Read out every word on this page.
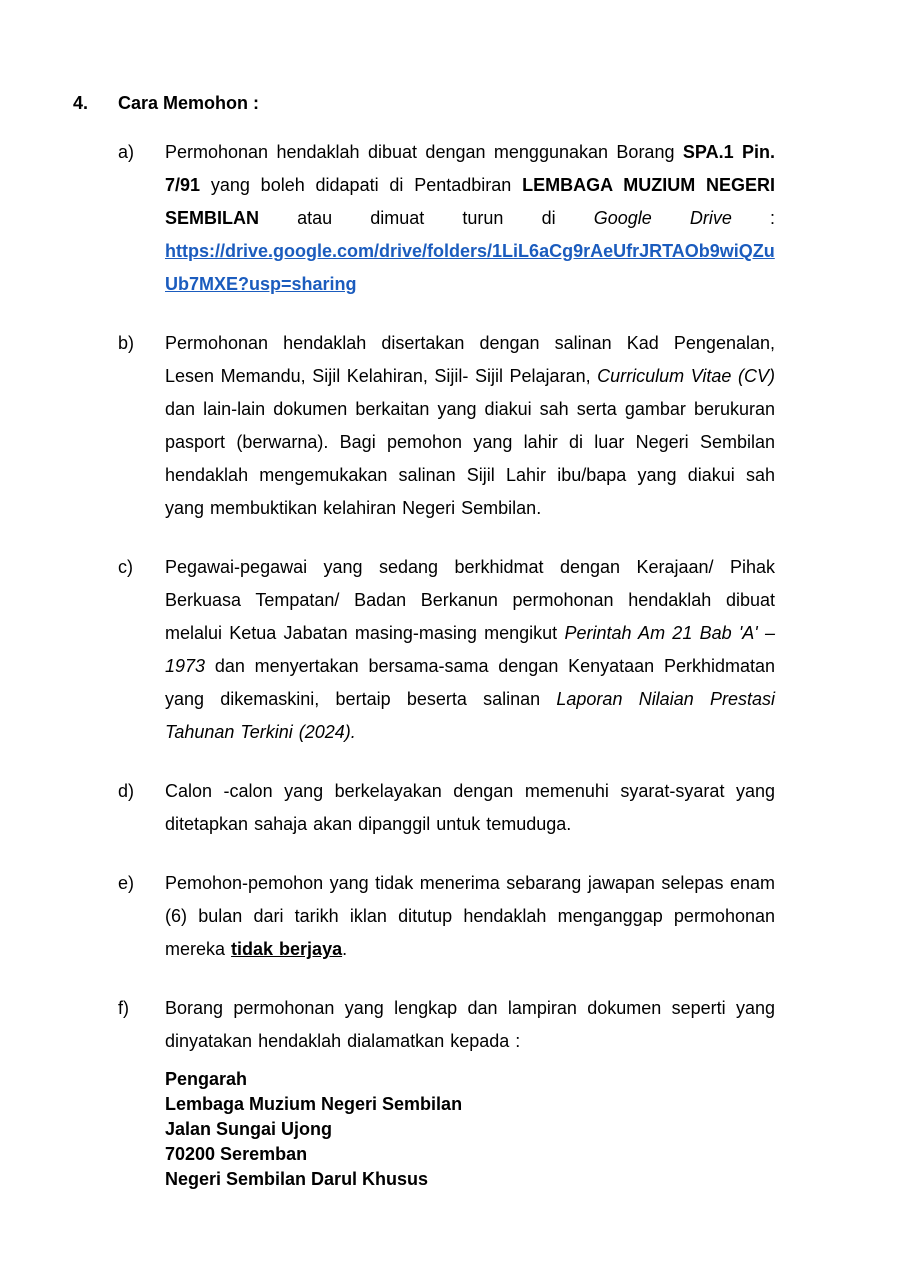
4.	Cara Memohon :
a)	Permohonan hendaklah dibuat dengan menggunakan Borang SPA.1 Pin. 7/91 yang boleh didapati di Pentadbiran LEMBAGA MUZIUM NEGERI SEMBILAN atau dimuat turun di Google Drive :

https://drive.google.com/drive/folders/1LiL6aCg9rAeUfrJRTAOb9wiQZuUb7MXE?usp=sharing

b)	Permohonan hendaklah disertakan dengan salinan Kad Pengenalan, Lesen Memandu, Sijil Kelahiran, Sijil- Sijil Pelajaran, Curriculum Vitae (CV) dan lain-lain dokumen berkaitan yang diakui sah serta gambar berukuran pasport (berwarna). Bagi pemohon yang lahir di luar Negeri Sembilan hendaklah mengemukakan salinan Sijil Lahir ibu/bapa yang diakui sah yang membuktikan kelahiran Negeri Sembilan.

c)	Pegawai-pegawai yang sedang berkhidmat dengan Kerajaan/ Pihak Berkuasa Tempatan/ Badan Berkanun permohonan hendaklah dibuat melalui Ketua Jabatan masing-masing mengikut Perintah Am 21 Bab 'A' – 1973 dan menyertakan bersama-sama dengan Kenyataan Perkhidmatan yang dikemaskini, bertaip beserta salinan Laporan Nilaian Prestasi Tahunan Terkini (2024).

d)	Calon -calon yang berkelayakan dengan memenuhi syarat-syarat yang ditetapkan sahaja akan dipanggil untuk temuduga.

e)	Pemohon-pemohon yang tidak menerima sebarang jawapan selepas enam (6) bulan dari tarikh iklan ditutup hendaklah menganggap permohonan mereka tidak berjaya.

f)	Borang permohonan yang lengkap dan lampiran dokumen seperti yang dinyatakan hendaklah dialamatkan kepada :

Pengarah
Lembaga Muzium Negeri Sembilan
Jalan Sungai Ujong
70200 Seremban
Negeri Sembilan Darul Khusus
